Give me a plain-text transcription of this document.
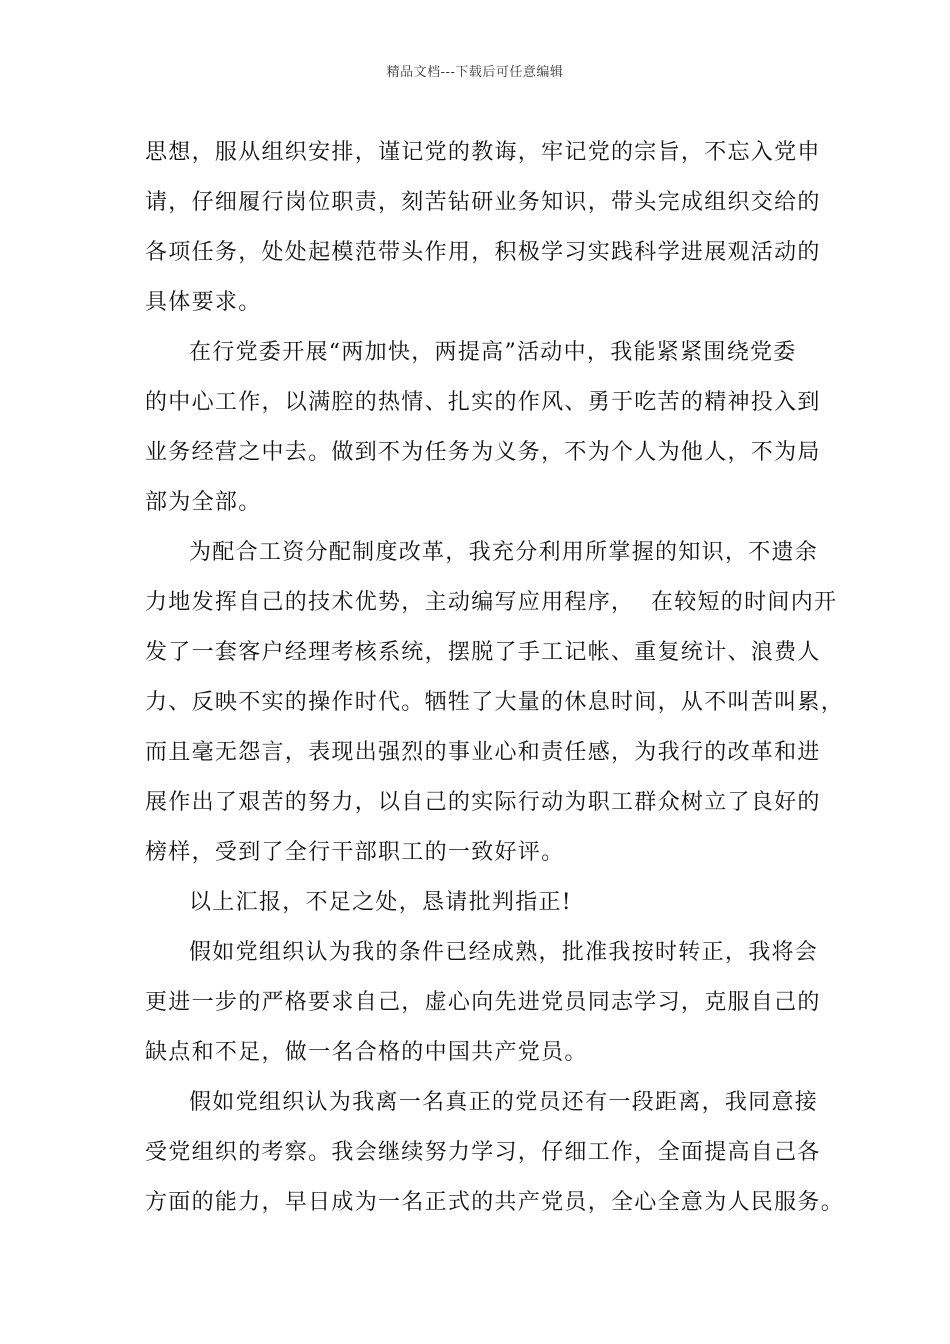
精品文档---下载后可任意编辑
思想，服从组织安排，谨记党的教诲，牢记党的宗旨，不忘入党申
请，仔细履行岗位职责，刻苦钻研业务知识，带头完成组织交给的
各项任务，处处起模范带头作用，积极学习实践科学进展观活动的
具体要求。
在行党委开展“两加快，两提高”活动中，我能紧紧围绕党委
的中心工作，以满腔的热情、扎实的作风、勇于吃苦的精神投入到
业务经营之中去。做到不为任务为义务，不为个人为他人，不为局
部为全部。
为配合工资分配制度改革，我充分利用所掌握的知识，不遗余
力地发挥自己的技术优势，主动编写应用程序，  在较短的时间内开
发了一套客户经理考核系统，摆脱了手工记帐、重复统计、浪费人
力、反映不实的操作时代。牺牲了大量的休息时间，从不叫苦叫累，
而且毫无怨言，表现出强烈的事业心和责任感，为我行的改革和进
展作出了艰苦的努力，以自己的实际行动为职工群众树立了良好的
榜样，受到了全行干部职工的一致好评。
以上汇报，不足之处，恳请批判指正!
假如党组织认为我的条件已经成熟，批准我按时转正，我将会
更进一步的严格要求自己，虚心向先进党员同志学习，克服自己的
缺点和不足，做一名合格的中国共产党员。
假如党组织认为我离一名真正的党员还有一段距离，我同意接
受党组织的考察。我会继续努力学习，仔细工作，全面提高自己各
方面的能力，早日成为一名正式的共产党员，全心全意为人民服务。
